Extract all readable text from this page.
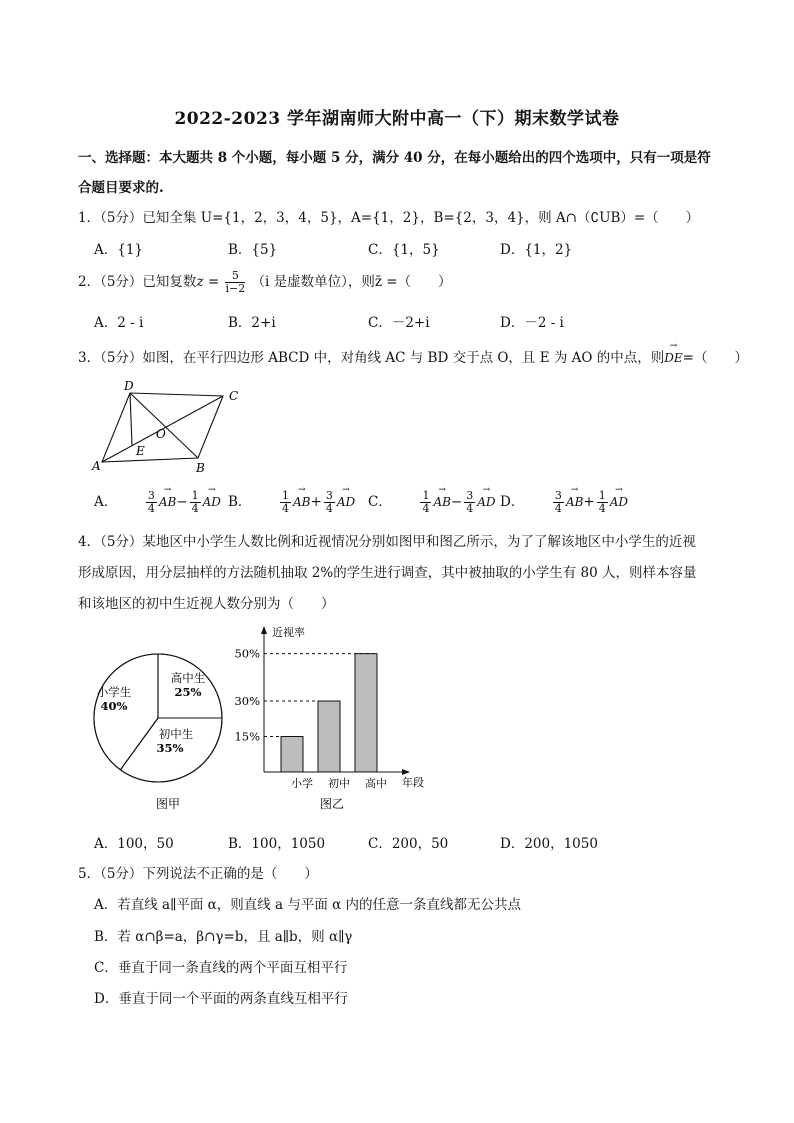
2022-2023 学年湖南师大附中高一（下）期末数学试卷
一、选择题：本大题共 8 个小题，每小题 5 分，满分 40 分，在每小题给出的四个选项中，只有一项是符
合题目要求的.
1．（5分）已知全集 U={1，2，3，4，5}，A={1，2}，B={2，3，4}，则 A∩（∁UB）=（　　）
A．{1}	B．{5}	C．{1，5}	D．{1，2}
2．（5分）已知复数$z = \frac{5}{i-2} (i$ 是虚数单位），则z̄ =（　　）
A．2 - i	B．2+i	C．－2+i	D．－2 - i
3．（5分）如图，在平行四边形 ABCD 中，对角线 AC 与 BD 交于点 O，且 E 为 AO 的中点，则→ DE=（　　）
A	B
C
D
E
O
A．	$\frac{3}{4}$
→ $AB- \frac{1}{4}$
→ AD B．	$\frac{1}{4}$
→ $AB+ \frac{3}{4}$
→ AD C．	$\frac{1}{4}$
→ $AB- \frac{3}{4}$
→ AD D．	$\frac{3}{4}$
→ $AB+ \frac{1}{4}$
→ AD
4．（5分）某地区中小学生人数比例和近视情况分别如图甲和图乙所示，为了了解该地区中小学生的近视
形成原因，用分层抽样的方法随机抽取 2%的学生进行调查，其中被抽取的小学生有 80 人，则样本容量
和该地区的初中生近视人数分别为（　　）
高中生
25%
小学生
40%
初中生
35%
图甲
近视率
年段
15%
30%
50%
小学 初中 高中
图乙
A．100，50	B．100，1050	C．200，50	D．200，1050
5．（5分）下列说法不正确的是（　　）
A．若直线 a∥平面 α，则直线 a 与平面 α 内的任意一条直线都无公共点
B．若 α∩β=a，β∩γ=b，且 a∥b，则 α∥γ
C．垂直于同一条直线的两个平面互相平行
D．垂直于同一个平面的两条直线互相平行
